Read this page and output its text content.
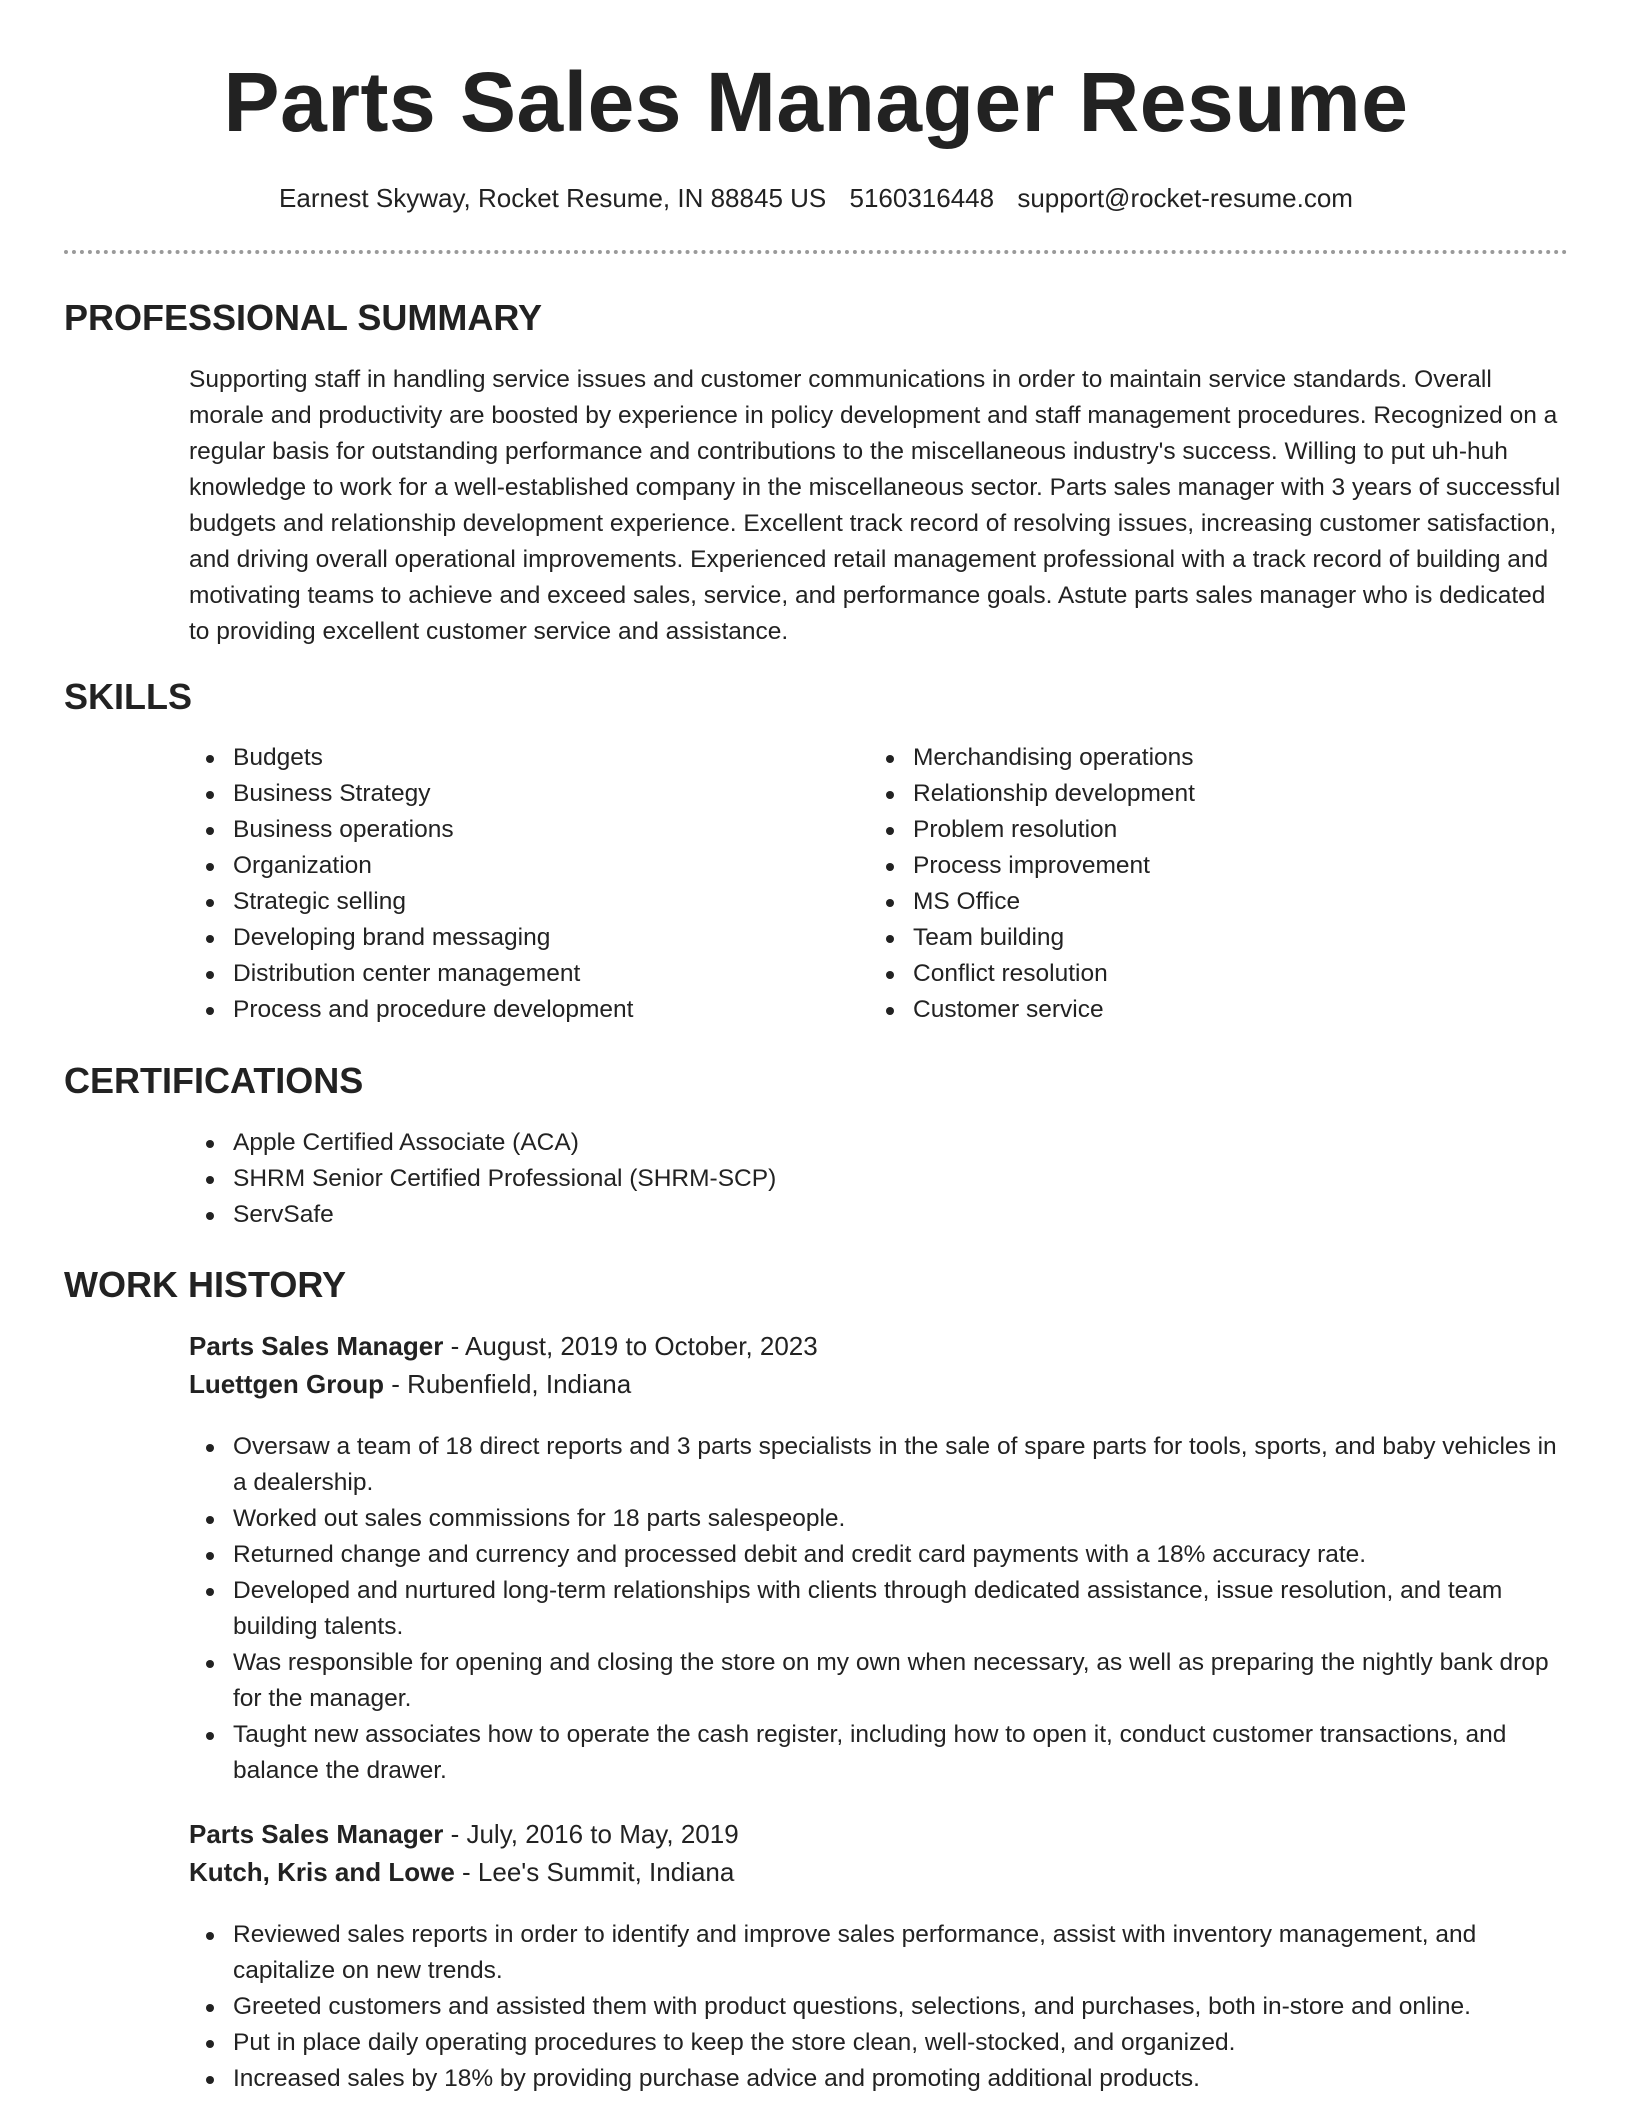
Parts Sales Manager Resume
Earnest Skyway, Rocket Resume, IN 88845 US 5160316448 support@rocket-resume.com
PROFESSIONAL SUMMARY

Supporting staff in handling service issues and customer communications in order to maintain service standards. Overall morale and productivity are boosted by experience in policy development and staff management procedures. Recognized on a regular basis for outstanding performance and contributions to the miscellaneous industry's success. Willing to put uh-huh knowledge to work for a well-established company in the miscellaneous sector. Parts sales manager with 3 years of successful budgets and relationship development experience. Excellent track record of resolving issues, increasing customer satisfaction, and driving overall operational improvements. Experienced retail management professional with a track record of building and motivating teams to achieve and exceed sales, service, and performance goals. Astute parts sales manager who is dedicated to providing excellent customer service and assistance.

SKILLS
Budgets
Business Strategy
Business operations
Organization
Strategic selling
Developing brand messaging
Distribution center management
Process and procedure development
Merchandising operations
Relationship development
Problem resolution
Process improvement
MS Office
Team building
Conflict resolution
Customer service
CERTIFICATIONS
Apple Certified Associate (ACA)
SHRM Senior Certified Professional (SHRM-SCP)
ServSafe
WORK HISTORY
Parts Sales Manager - August, 2019 to October, 2023
Luettgen Group - Rubenfield, Indiana
Oversaw a team of 18 direct reports and 3 parts specialists in the sale of spare parts for tools, sports, and baby vehicles in a dealership.
Worked out sales commissions for 18 parts salespeople.
Returned change and currency and processed debit and credit card payments with a 18% accuracy rate.
Developed and nurtured long-term relationships with clients through dedicated assistance, issue resolution, and team building talents.
Was responsible for opening and closing the store on my own when necessary, as well as preparing the nightly bank drop for the manager.
Taught new associates how to operate the cash register, including how to open it, conduct customer transactions, and balance the drawer.
Parts Sales Manager - July, 2016 to May, 2019
Kutch, Kris and Lowe - Lee's Summit, Indiana
Reviewed sales reports in order to identify and improve sales performance, assist with inventory management, and capitalize on new trends.
Greeted customers and assisted them with product questions, selections, and purchases, both in-store and online.
Put in place daily operating procedures to keep the store clean, well-stocked, and organized.
Increased sales by 18% by providing purchase advice and promoting additional products.
